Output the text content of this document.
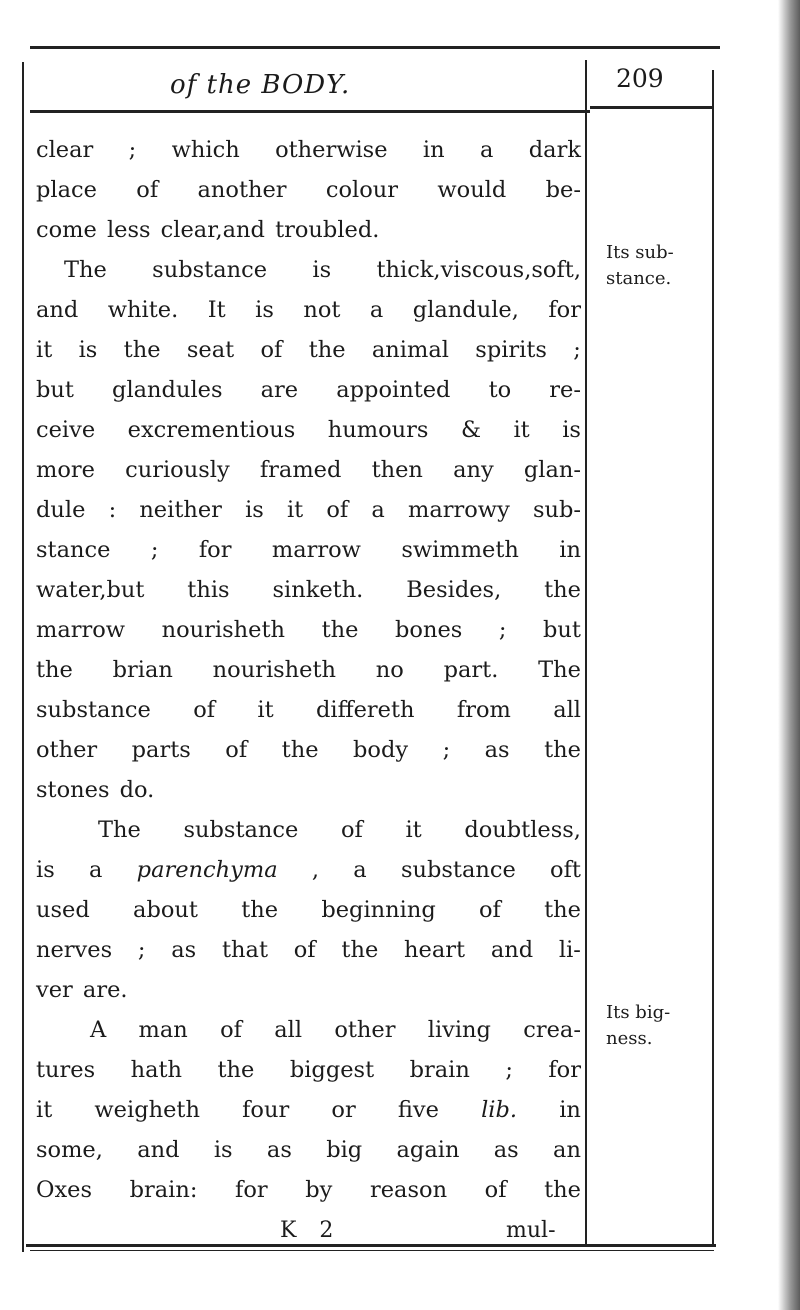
of the BODY.	209
clear ; which otherwise in a dark
place of another colour would be-
come less clear,and troubled.
The substance is thick,viscous,soft,
and white. It is not a glandule, for
it is the seat of the animal spirits ;
but glandules are appointed to re-
ceive excrementious humours & it is
more curiously framed then any glan-
dule : neither is it of a marrowy sub-
stance ; for marrow swimmeth in
water,but this sinketh. Besides, the
marrow nourisheth the bones ; but
the brian nourisheth no part. The
substance of it differeth from all
other parts of the body ; as the
stones do.
The substance of it doubtless,
is a parenchyma , a substance oft
used about the beginning of the
nerves ; as that of the heart and li-
ver are.
A man of all other living crea-
tures hath the biggest brain ; for
it weigheth four or five lib. in
some, and is as big again as an
Oxes brain: for by reason of the
Its sub-
stance.
Its big-
ness.
K 2	mul-
